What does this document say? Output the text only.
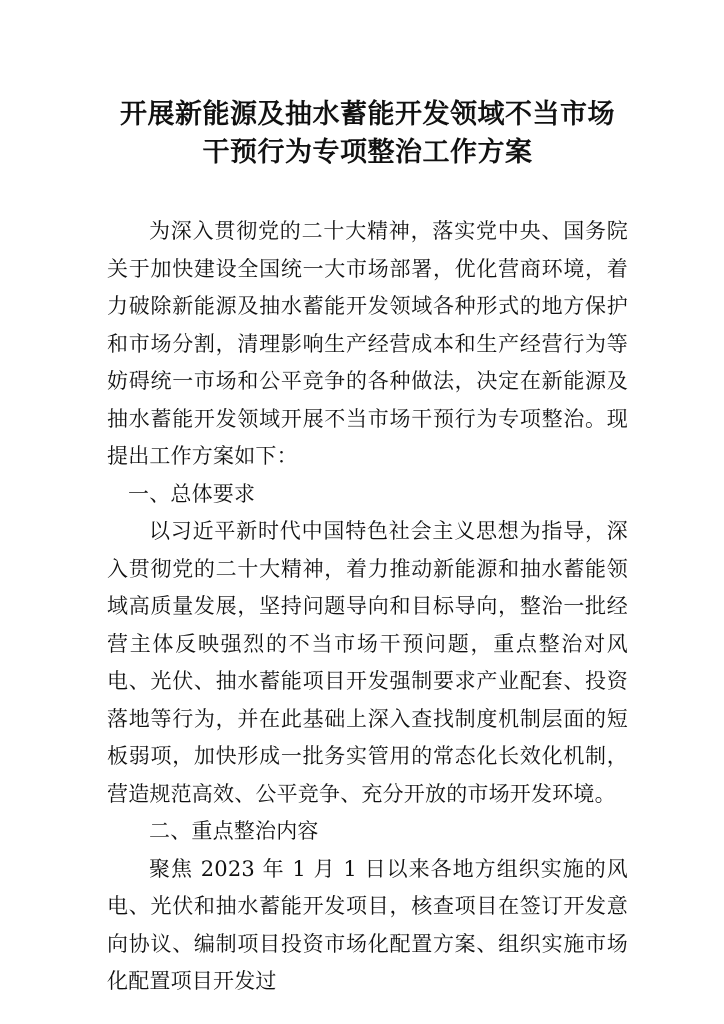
开展新能源及抽水蓄能开发领域不当市场
干预行为专项整治工作方案

为深入贯彻党的二十大精神，落实党中央、国务院关于加快建设全国统一大市场部署，优化营商环境，着力破除新能源及抽水蓄能开发领域各种形式的地方保护和市场分割，清理影响生产经营成本和生产经营行为等妨碍统一市场和公平竞争的各种做法，决定在新能源及抽水蓄能开发领域开展不当市场干预行为专项整治。现提出工作方案如下：

一、总体要求

以习近平新时代中国特色社会主义思想为指导，深入贯彻党的二十大精神，着力推动新能源和抽水蓄能领域高质量发展，坚持问题导向和目标导向，整治一批经营主体反映强烈的不当市场干预问题，重点整治对风电、光伏、抽水蓄能项目开发强制要求产业配套、投资落地等行为，并在此基础上深入查找制度机制层面的短板弱项，加快形成一批务实管用的常态化长效化机制，营造规范高效、公平竞争、充分开放的市场开发环境。

二、重点整治内容

聚焦 2023 年 1 月 1 日以来各地方组织实施的风电、光伏和抽水蓄能开发项目，核查项目在签订开发意向协议、编制项目投资市场化配置方案、组织实施市场化配置项目开发过
